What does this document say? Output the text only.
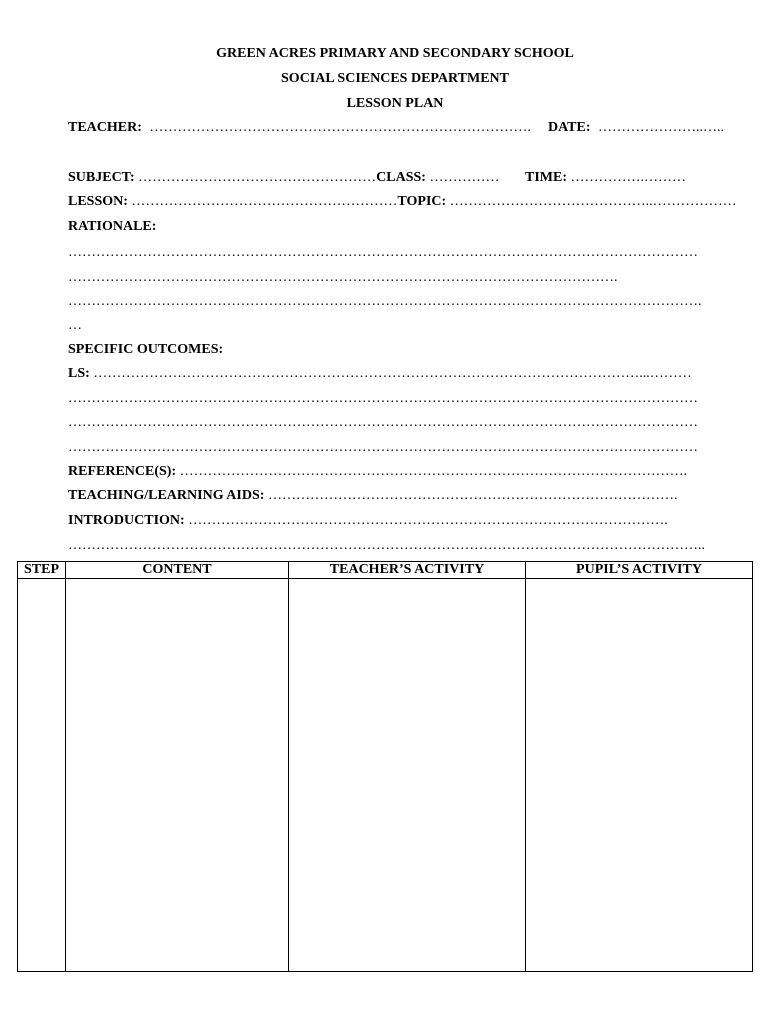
GREEN ACRES PRIMARY AND SECONDARY SCHOOL
SOCIAL SCIENCES DEPARTMENT
LESSON PLAN
TEACHER: ………………………………………………………………………. DATE: …………………..…..
SUBJECT: ……………………………………………CLASS: …………… TIME: …………….………
LESSON: …………………………………………………TOPIC: ……………………………………..………………
RATIONALE:
………………………………………………………………………………………………………………………
……………………………………………………………………………………………………….
……………………………………………………………………………………………………………………….
…
SPECIFIC OUTCOMES:
LS: ………………………………………………………………………………………………………...………
………………………………………………………………………………………………………………………
………………………………………………………………………………………………………………………
………………………………………………………………………………………………………………………
REFERENCE(S): ……………………………………………………………………………………………….
TEACHING/LEARNING AIDS: …………………………………………………………………………….
INTRODUCTION: ………………………………………………………………………………………….
………………………………………………………………………………………………………………………..
STEP	CONTENT	TEACHER’S ACTIVITY	PUPIL’S ACTIVITY
